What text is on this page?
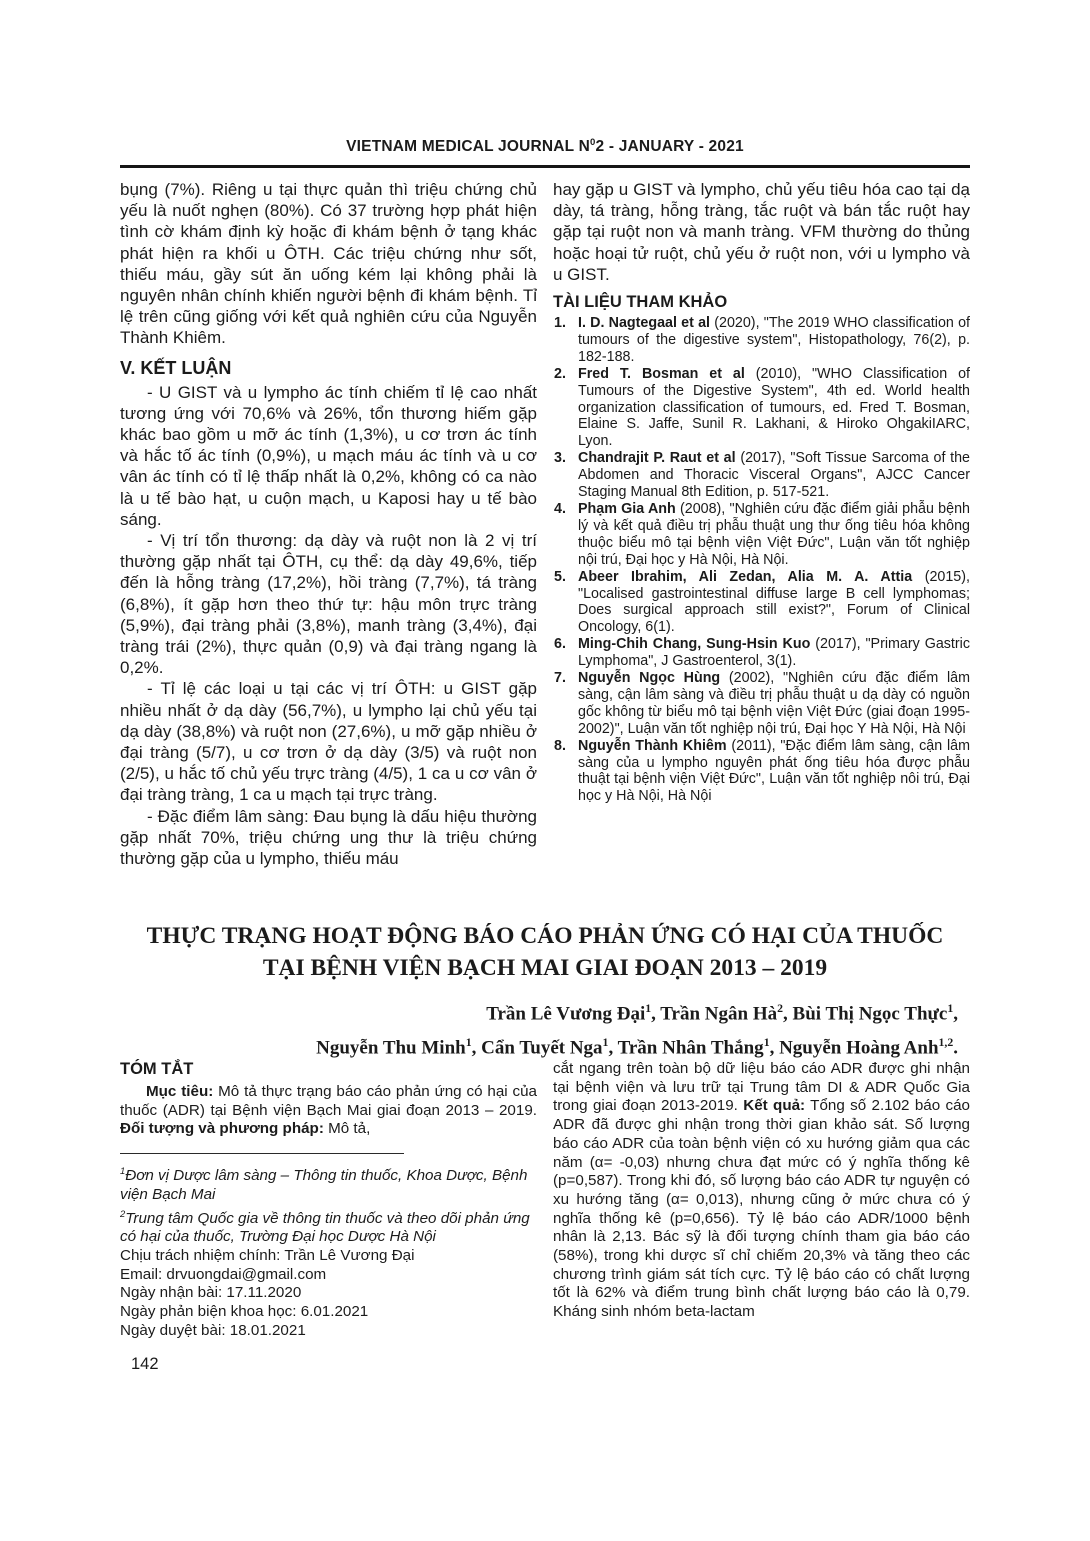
VIETNAM MEDICAL JOURNAL $N^02$ - JANUARY - 2021

bụng (7%). Riêng u tại thực quản thì triệu chứng chủ yếu là nuốt nghẹn (80%). Có 37 trường hợp phát hiện tình cờ khám định kỳ hoặc đi khám bệnh ở tạng khác phát hiện ra khối u ÔTH. Các triệu chứng như sốt, thiếu máu, gầy sút ăn uống kém lại không phải là nguyên nhân chính khiến người bệnh đi khám bệnh. Tỉ lệ trên cũng giống với kết quả nghiên cứu của Nguyễn Thành Khiêm.

V. KẾT LUẬN

- U GIST và u lympho ác tính chiếm tỉ lệ cao nhất tương ứng với 70,6% và 26%, tổn thương hiếm gặp khác bao gồm u mỡ ác tính (1,3%), u cơ trơn ác tính và hắc tố ác tính (0,9%), u mạch máu ác tính và u cơ vân ác tính có tỉ lệ thấp nhất là 0,2%, không có ca nào là u tế bào hạt, u cuộn mạch, u Kaposi hay u tế bào sáng.

- Vị trí tổn thương: dạ dày và ruột non là 2 vị trí thường gặp nhất tại ÔTH, cụ thể: dạ dày 49,6%, tiếp đến là hỗng tràng (17,2%), hồi tràng (7,7%), tá tràng (6,8%), ít gặp hơn theo thứ tự: hậu môn trực tràng (5,9%), đại tràng phải (3,8%), manh tràng (3,4%), đại tràng trái (2%), thực quản (0,9) và đại tràng ngang là 0,2%.

- Tỉ lệ các loại u tại các vị trí ÔTH: u GIST gặp nhiều nhất ở dạ dày (56,7%), u lympho lại chủ yếu tại dạ dày (38,8%) và ruột non (27,6%), u mỡ gặp nhiều ở đại tràng (5/7), u cơ trơn ở dạ dày (3/5) và ruột non (2/5), u hắc tố chủ yếu trực tràng (4/5), 1 ca u cơ vân ở đại tràng tràng, 1 ca u mạch tại trực tràng.

- Đặc điểm lâm sàng: Đau bụng là dấu hiệu thường gặp nhất 70%, triệu chứng ung thư là triệu chứng thường gặp của u lympho, thiếu máu

hay gặp u GIST và lympho, chủ yếu tiêu hóa cao tại dạ dày, tá tràng, hỗng tràng, tắc ruột và bán tắc ruột hay gặp tại ruột non và manh tràng. VFM thường do thủng hoặc hoại tử ruột, chủ yếu ở ruột non, với u lympho và u GIST.

TÀI LIỆU THAM KHẢO
1. I. D. Nagtegaal et al (2020), "The 2019 WHO classification of tumours of the digestive system", Histopathology, 76(2), p. 182-188.
2. Fred T. Bosman et al (2010), "WHO Classification of Tumours of the Digestive System", 4th ed. World health organization classification of tumours, ed. Fred T. Bosman, Elaine S. Jaffe, Sunil R. Lakhani, & Hiroko OhgakiIARC, Lyon.
3. Chandrajit P. Raut et al (2017), "Soft Tissue Sarcoma of the Abdomen and Thoracic Visceral Organs", AJCC Cancer Staging Manual 8th Edition, p. 517-521.
4. Phạm Gia Anh (2008), "Nghiên cứu đặc điểm giải phẫu bệnh lý và kết quả điều trị phẫu thuật ung thư ống tiêu hóa không thuộc biểu mô tại bệnh viện Việt Đức", Luận văn tốt nghiệp nội trú, Đại học y Hà Nội, Hà Nội.
5. Abeer Ibrahim, Ali Zedan, Alia M. A. Attia (2015), "Localised gastrointestinal diffuse large B cell lymphomas; Does surgical approach still exist?", Forum of Clinical Oncology, 6(1).
6. Ming-Chih Chang, Sung-Hsin Kuo (2017), "Primary Gastric Lymphoma", J Gastroenterol, 3(1).
7. Nguyễn Ngọc Hùng (2002), "Nghiên cứu đặc điểm lâm sàng, cận lâm sàng và điều trị phẫu thuật u dạ dày có nguồn gốc không từ biểu mô tại bệnh viện Việt Đức (giai đoạn 1995-2002)", Luận văn tốt nghiệp nội trú, Đại học Y Hà Nội, Hà Nội
8. Nguyễn Thành Khiêm (2011), "Đặc điểm lâm sàng, cận lâm sàng của u lympho nguyên phát ống tiêu hóa được phẫu thuật tại bệnh viện Việt Đức", Luận văn tốt nghiệp nôi trú, Đại học y Hà Nội, Hà Nội
THỰC TRẠNG HOẠT ĐỘNG BÁO CÁO PHẢN ỨNG CÓ HẠI CỦA THUỐC
TẠI BỆNH VIỆN BẠCH MAI GIAI ĐOẠN 2013 – 2019
Trần Lê Vương Đại$^1$, Trần Ngân $Hà^2$, Bùi Thị Ngọc Thực$^1$,
Nguyễn Thu Minh$^1$, Cẩn Tuyết Nga$^1$, Trần Nhân Thắng$^1$, Nguyễn Hoàng Anh$^{1,2}$.
TÓM TẮT

Mục tiêu: Mô tả thực trạng báo cáo phản ứng có hại của thuốc (ADR) tại Bệnh viện Bạch Mai giai đoạn 2013 – 2019. Đối tượng và phương pháp: Mô tả,

$^1$Đơn vị Dược lâm sàng – Thông tin thuốc, Khoa Dược, Bệnh viện Bạch Mai

$^2$Trung tâm Quốc gia về thông tin thuốc và theo dõi phản ứng có hại của thuốc, Trường Đại học Dược Hà Nội

Chịu trách nhiệm chính: Trần Lê Vương Đại

Email: drvuongdai@gmail.com

Ngày nhận bài: 17.11.2020

Ngày phản biện khoa học: 6.01.2021

Ngày duyệt bài: 18.01.2021

cắt ngang trên toàn bộ dữ liệu báo cáo ADR được ghi nhận tại bệnh viện và lưu trữ tại Trung tâm DI & ADR Quốc Gia trong giai đoạn 2013-2019. Kết quả: Tổng số 2.102 báo cáo ADR đã được ghi nhận trong thời gian khảo sát. Số lượng báo cáo ADR của toàn bệnh viện có xu hướng giảm qua các năm (α= -0,03) nhưng chưa đạt mức có ý nghĩa thống kê (p=0,587). Trong khi đó, số lượng báo cáo ADR tự nguyện có xu hướng tăng (α= 0,013), nhưng cũng ở mức chưa có ý nghĩa thống kê (p=0,656). Tỷ lệ báo cáo ADR/1000 bệnh nhân là 2,13. Bác sỹ là đối tượng chính tham gia báo cáo (58%), trong khi dược sĩ chỉ chiếm 20,3% và tăng theo các chương trình giám sát tích cực. Tỷ lệ báo cáo có chất lượng tốt là 62% và điểm trung bình chất lượng báo cáo là 0,79. Kháng sinh nhóm beta-lactam

142
